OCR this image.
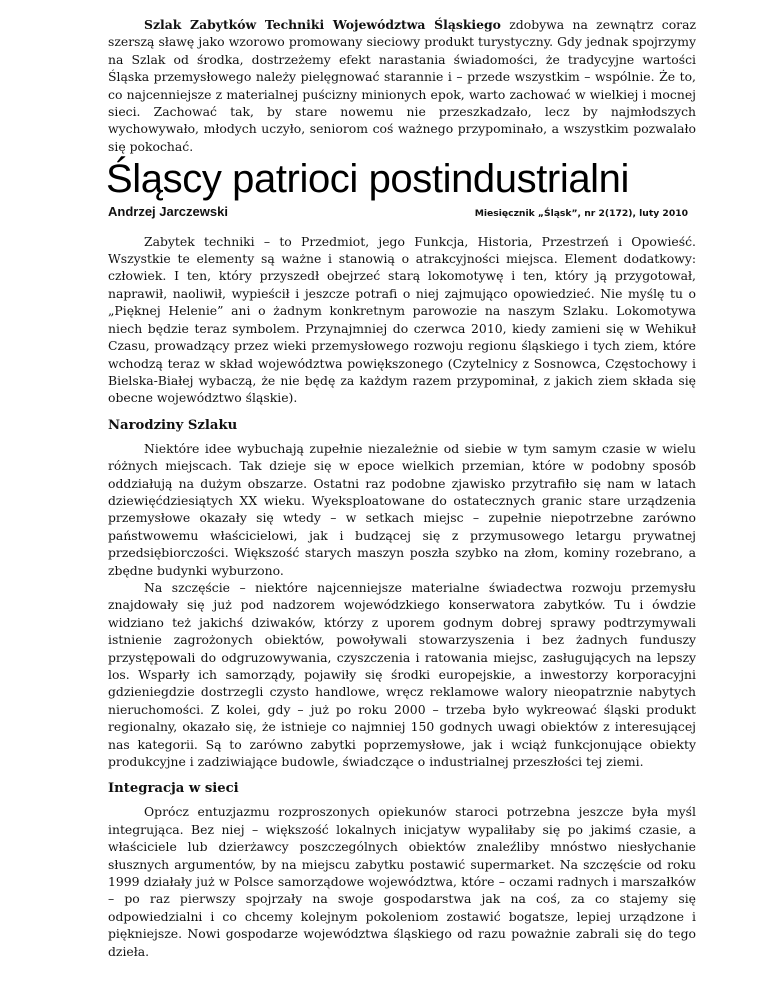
Szlak Zabytków Techniki Województwa Śląskiego zdobywa na zewnątrz coraz szerszą sławę jako wzorowo promowany sieciowy produkt turystyczny. Gdy jednak spojrzymy na Szlak od środka, dostrzeżemy efekt narastania świadomości, że tradycyjne wartości Śląska przemysłowego należy pielęgnować starannie i – przede wszystkim – wspólnie. Że to, co najcenniejsze z materialnej puścizny minionych epok, warto zachować w wielkiej i mocnej sieci. Zachować tak, by stare nowemu nie przeszkadzało, lecz by najmłodszych wychowywało, młodych uczyło, seniorom coś ważnego przypominało, a wszystkim pozwalało się pokochać.

Śląscy patrioci postindustrialni
Andrzej Jarczewski	Miesięcznik „Śląsk”, nr 2(172), luty 2010

Zabytek techniki – to Przedmiot, jego Funkcja, Historia, Przestrzeń i Opowieść. Wszystkie te elementy są ważne i stanowią o atrakcyjności miejsca. Element dodatkowy: człowiek. I ten, który przyszedł obejrzeć starą lokomotywę i ten, który ją przygotował, naprawił, naoliwił, wypieścił i jeszcze potrafi o niej zajmująco opowiedzieć. Nie myślę tu o „Pięknej Helenie” ani o żadnym konkretnym parowozie na naszym Szlaku. Lokomotywa niech będzie teraz symbolem. Przynajmniej do czerwca 2010, kiedy zamieni się w Wehikuł Czasu, prowadzący przez wieki przemysłowego rozwoju regionu śląskiego i tych ziem, które wchodzą teraz w skład województwa powiększonego (Czytelnicy z Sosnowca, Częstochowy i Bielska-Białej wybaczą, że nie będę za każdym razem przypominał, z jakich ziem składa się obecne województwo śląskie).

Narodziny Szlaku

Niektóre idee wybuchają zupełnie niezależnie od siebie w tym samym czasie w wielu różnych miejscach. Tak dzieje się w epoce wielkich przemian, które w podobny sposób oddziałują na dużym obszarze. Ostatni raz podobne zjawisko przytrafiło się nam w latach dziewięćdziesiątych XX wieku. Wyeksploatowane do ostatecznych granic stare urządzenia przemysłowe okazały się wtedy – w setkach miejsc – zupełnie niepotrzebne zarówno państwowemu właścicielowi, jak i budzącej się z przymusowego letargu prywatnej przedsiębiorczości. Większość starych maszyn poszła szybko na złom, kominy rozebrano, a zbędne budynki wyburzono.

Na szczęście – niektóre najcenniejsze materialne świadectwa rozwoju przemysłu znajdowały się już pod nadzorem wojewódzkiego konserwatora zabytków. Tu i ówdzie widziano też jakichś dziwaków, którzy z uporem godnym dobrej sprawy podtrzymywali istnienie zagrożonych obiektów, powoływali stowarzyszenia i bez żadnych funduszy przystępowali do odgruzowywania, czyszczenia i ratowania miejsc, zasługujących na lepszy los. Wsparły ich samorządy, pojawiły się środki europejskie, a inwestorzy korporacyjni gdzieniegdzie dostrzegli czysto handlowe, wręcz reklamowe walory nieopatrznie nabytych nieruchomości. Z kolei, gdy – już po roku 2000 – trzeba było wykreować śląski produkt regionalny, okazało się, że istnieje co najmniej 150 godnych uwagi obiektów z interesującej nas kategorii. Są to zarówno zabytki poprzemysłowe, jak i wciąż funkcjonujące obiekty produkcyjne i zadziwiające budowle, świadczące o industrialnej przeszłości tej ziemi.

Integracja w sieci

Oprócz entuzjazmu rozproszonych opiekunów staroci potrzebna jeszcze była myśl integrująca. Bez niej – większość lokalnych inicjatyw wypaliłaby się po jakimś czasie, a właściciele lub dzierżawcy poszczególnych obiektów znaleźliby mnóstwo niesłychanie słusznych argumentów, by na miejscu zabytku postawić supermarket. Na szczęście od roku 1999 działały już w Polsce samorządowe województwa, które – oczami radnych i marszałków – po raz pierwszy spojrzały na swoje gospodarstwa jak na coś, za co stajemy się odpowiedzialni i co chcemy kolejnym pokoleniom zostawić bogatsze, lepiej urządzone i piękniejsze. Nowi gospodarze województwa śląskiego od razu poważnie zabrali się do tego dzieła.
